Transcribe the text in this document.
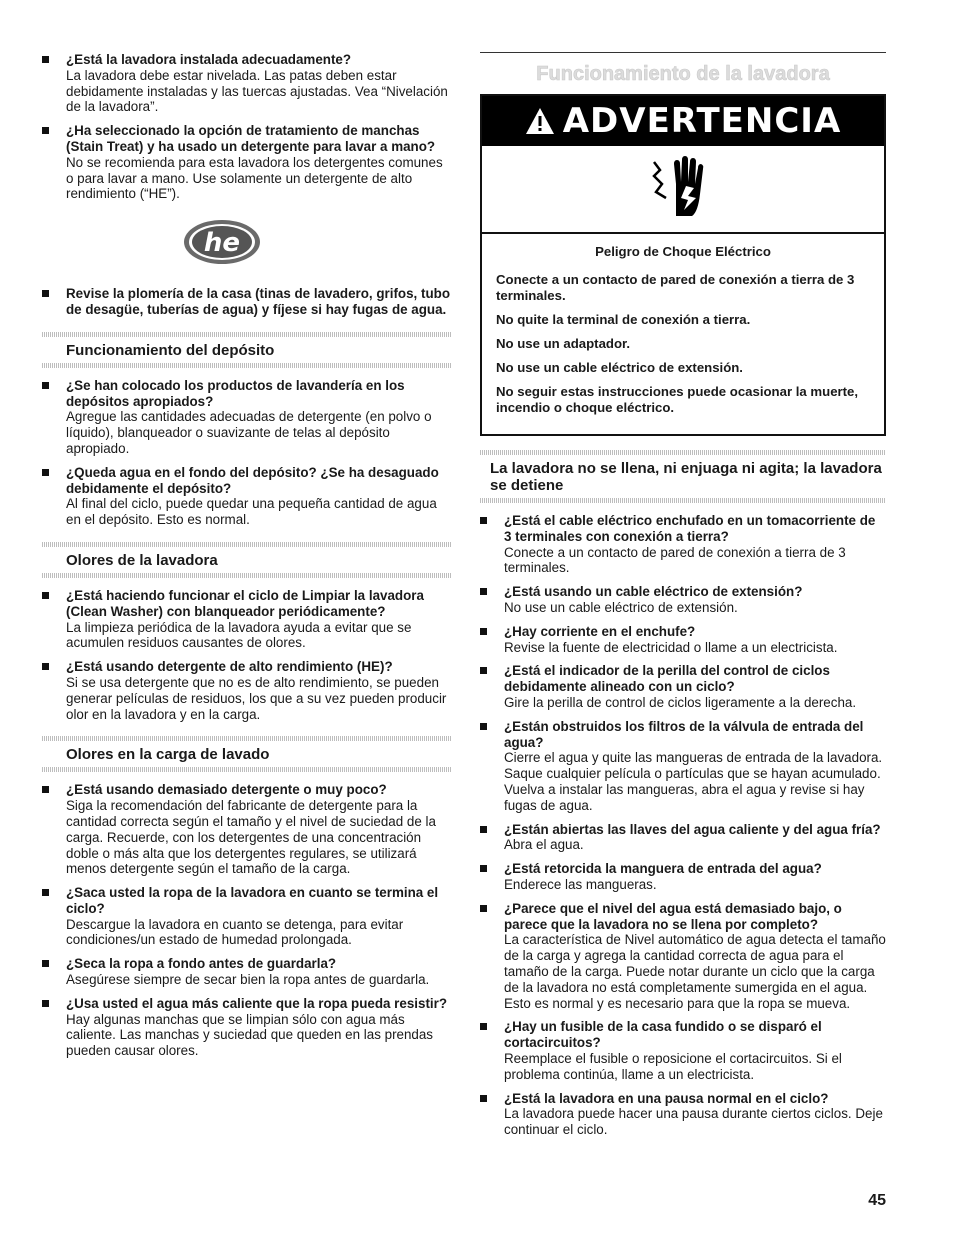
¿Está la lavadora instalada adecuadamente?
La lavadora debe estar nivelada. Las patas deben estar debidamente instaladas y las tuercas ajustadas. Vea “Nivelación de la lavadora”.
¿Ha seleccionado la opción de tratamiento de manchas (Stain Treat) y ha usado un detergente para lavar a mano?
No se recomienda para esta lavadora los detergentes comunes o para lavar a mano. Use solamente un detergente de alto rendimiento (“HE”).
he
Revise la plomería de la casa (tinas de lavadero, grifos, tubo de desagüe, tuberías de agua) y fíjese si hay fugas de agua.
Funcionamiento del depósito
¿Se han colocado los productos de lavandería en los depósitos apropiados?
Agregue las cantidades adecuadas de detergente (en polvo o líquido), blanqueador o suavizante de telas al depósito apropiado.
¿Queda agua en el fondo del depósito? ¿Se ha desaguado debidamente el depósito?
Al final del ciclo, puede quedar una pequeña cantidad de agua en el depósito. Esto es normal.
Olores de la lavadora
¿Está haciendo funcionar el ciclo de Limpiar la lavadora (Clean Washer) con blanqueador periódicamente?
La limpieza periódica de la lavadora ayuda a evitar que se acumulen residuos causantes de olores.
¿Está usando detergente de alto rendimiento (HE)?
Si se usa detergente que no es de alto rendimiento, se pueden generar películas de residuos, los que a su vez pueden producir olor en la lavadora y en la carga.
Olores en la carga de lavado
¿Está usando demasiado detergente o muy poco?
Siga la recomendación del fabricante de detergente para la cantidad correcta según el tamaño y el nivel de suciedad de la carga. Recuerde, con los detergentes de una concentración doble o más alta que los detergentes regulares, se utilizará menos detergente según el tamaño de la carga.
¿Saca usted la ropa de la lavadora en cuanto se termina el ciclo?
Descargue la lavadora en cuanto se detenga, para evitar condiciones/un estado de humedad prolongada.
¿Seca la ropa a fondo antes de guardarla?
Asegúrese siempre de secar bien la ropa antes de guardarla.
¿Usa usted el agua más caliente que la ropa pueda resistir?
Hay algunas manchas que se limpian sólo con agua más caliente. Las manchas y suciedad que queden en las prendas pueden causar olores.
Funcionamiento de la lavadora
ADVERTENCIA
Peligro de Choque Eléctrico

Conecte a un contacto de pared de conexión a tierra de 3 terminales.

No quite la terminal de conexión a tierra.

No use un adaptador.

No use un cable eléctrico de extensión.

No seguir estas instrucciones puede ocasionar la muerte, incendio o choque eléctrico.

La lavadora no se llena, ni enjuaga ni agita; la lavadora se detiene
¿Está el cable eléctrico enchufado en un tomacorriente de 3 terminales con conexión a tierra?
Conecte a un contacto de pared de conexión a tierra de 3 terminales.
¿Está usando un cable eléctrico de extensión?
No use un cable eléctrico de extensión.
¿Hay corriente en el enchufe?
Revise la fuente de electricidad o llame a un electricista.
¿Está el indicador de la perilla del control de ciclos debidamente alineado con un ciclo?
Gire la perilla de control de ciclos ligeramente a la derecha.
¿Están obstruidos los filtros de la válvula de entrada del agua?
Cierre el agua y quite las mangueras de entrada de la lavadora. Saque cualquier película o partículas que se hayan acumulado. Vuelva a instalar las mangueras, abra el agua y revise si hay fugas de agua.
¿Están abiertas las llaves del agua caliente y del agua fría?
Abra el agua.
¿Está retorcida la manguera de entrada del agua?
Enderece las mangueras.
¿Parece que el nivel del agua está demasiado bajo, o parece que la lavadora no se llena por completo?
La característica de Nivel automático de agua detecta el tamaño de la carga y agrega la cantidad correcta de agua para el tamaño de la carga. Puede notar durante un ciclo que la carga de la lavadora no está completamente sumergida en el agua. Esto es normal y es necesario para que la ropa se mueva.
¿Hay un fusible de la casa fundido o se disparó el cortacircuitos?
Reemplace el fusible o reposicione el cortacircuitos. Si el problema continúa, llame a un electricista.
¿Está la lavadora en una pausa normal en el ciclo?
La lavadora puede hacer una pausa durante ciertos ciclos. Deje continuar el ciclo.
45
